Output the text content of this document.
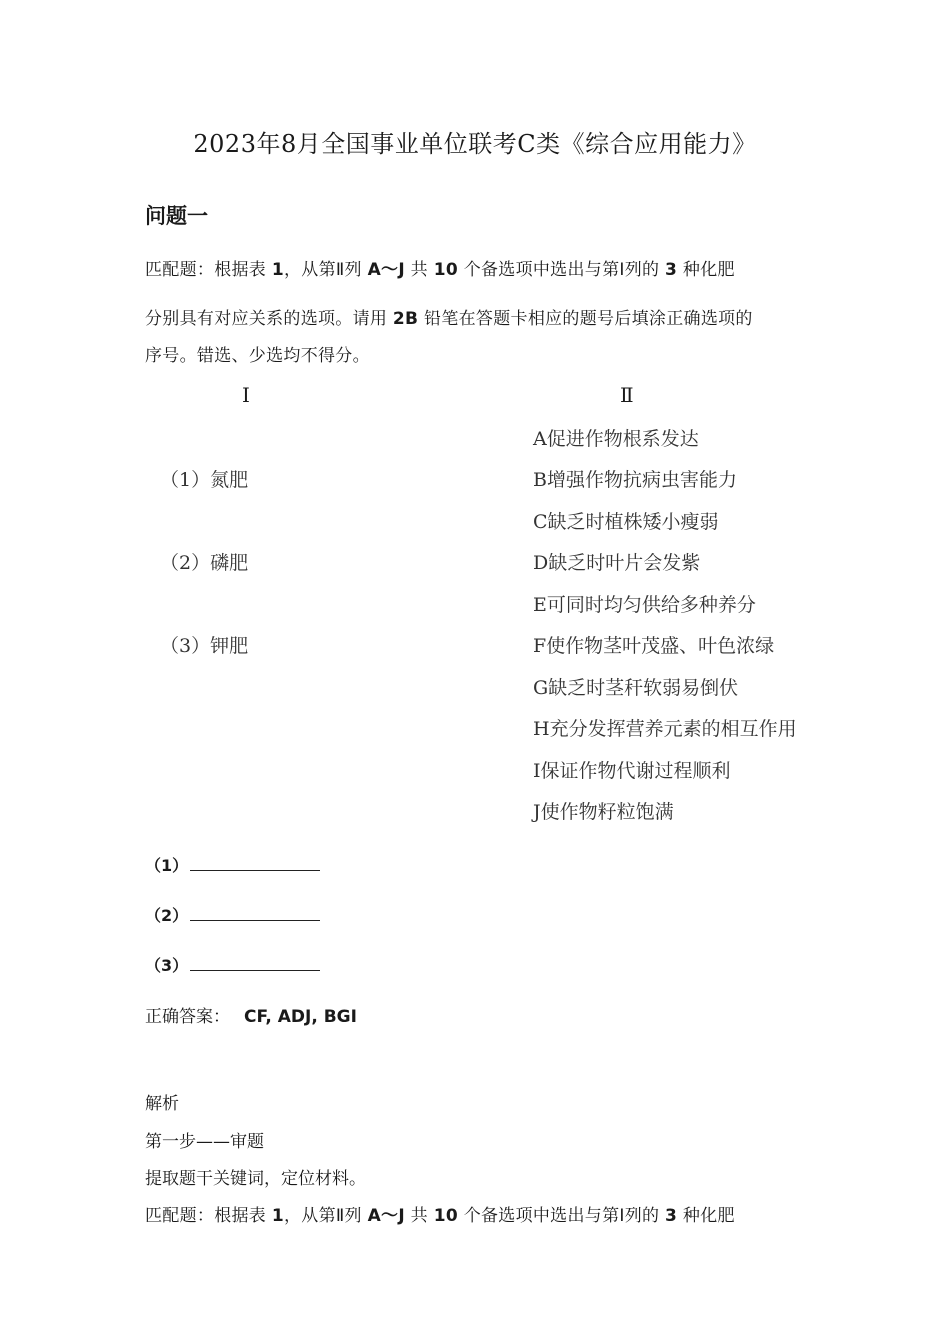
2023年8月全国事业单位联考C类《综合应用能力》
问题一
匹配题：根据表 1，从第Ⅱ列 A～J 共 10 个备选项中选出与第Ⅰ列的 3 种化肥
分别具有对应关系的选项。请用 2B 铅笔在答题卡相应的题号后填涂正确选项的
序号。错选、少选均不得分。
Ⅰ	Ⅱ
（1）氮肥
（2）磷肥
（3）钾肥
A促进作物根系发达
B增强作物抗病虫害能力
C缺乏时植株矮小瘦弱
D缺乏时叶片会发紫
E可同时均匀供给多种养分
F使作物茎叶茂盛、叶色浓绿
G缺乏时茎秆软弱易倒伏
H充分发挥营养元素的相互作用
I保证作物代谢过程顺利
J使作物籽粒饱满
（1）
（2）
（3）
正确答案： CF, ADJ, BGI
解析
第一步——审题
提取题干关键词，定位材料。
匹配题：根据表 1，从第Ⅱ列 A～J 共 10 个备选项中选出与第Ⅰ列的 3 种化肥
